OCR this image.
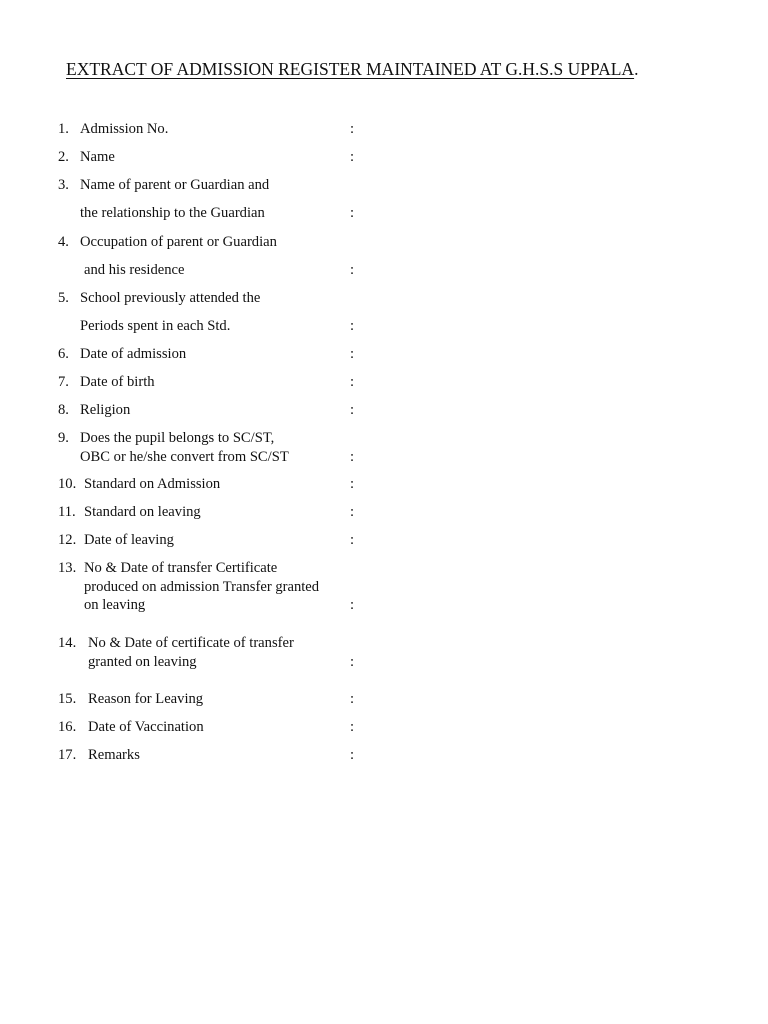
EXTRACT OF ADMISSION REGISTER MAINTAINED AT G.H.S.S UPPALA.
1. Admission No.	:
2. Name	:
3. Name of parent or Guardian and
the relationship to the Guardian	:
4. Occupation of parent or Guardian
and his residence	:
5. School previously attended the
Periods spent in each Std.	:
6. Date of admission	:
7. Date of birth	:
8. Religion	:
9. Does the pupil belongs to SC/ST,
OBC or he/she convert from SC/ST	:
10. Standard on Admission	:
11. Standard on leaving	:
12. Date of leaving	:
13. No & Date of transfer Certificate
produced on admission Transfer granted
on leaving	:
14. No & Date of certificate of transfer
granted on leaving	:
15. Reason for Leaving	:
16. Date of Vaccination	:
17. Remarks	:
